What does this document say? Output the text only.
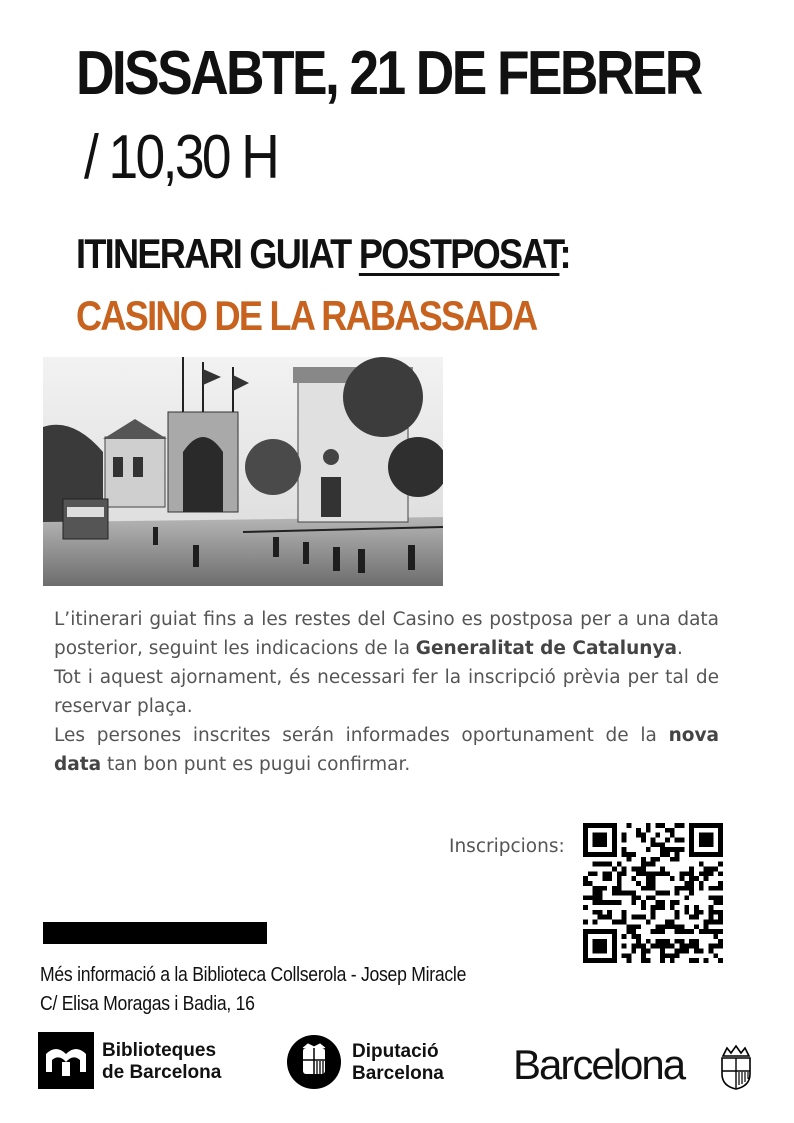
DISSABTE, 21 DE FEBRER
/ 10,30 H
ITINERARI GUIAT POSTPOSAT:
CASINO DE LA RABASSADA

L’itinerari guiat fins a les restes del Casino es postposa per a una data posterior, seguint les indicacions de la Generalitat de Catalunya.

Tot i aquest ajornament, és necessari fer la inscripció prèvia per tal de reservar plaça.

Les persones inscrites serán informades oportunament de la nova data tan bon punt es pugui confirmar.

Inscripcions:
Més informació a la Biblioteca Collserola - Josep Miracle
C/ Elisa Moragas i Badia, 16
Biblioteques
de Barcelona
Diputació
Barcelona Barcelona
